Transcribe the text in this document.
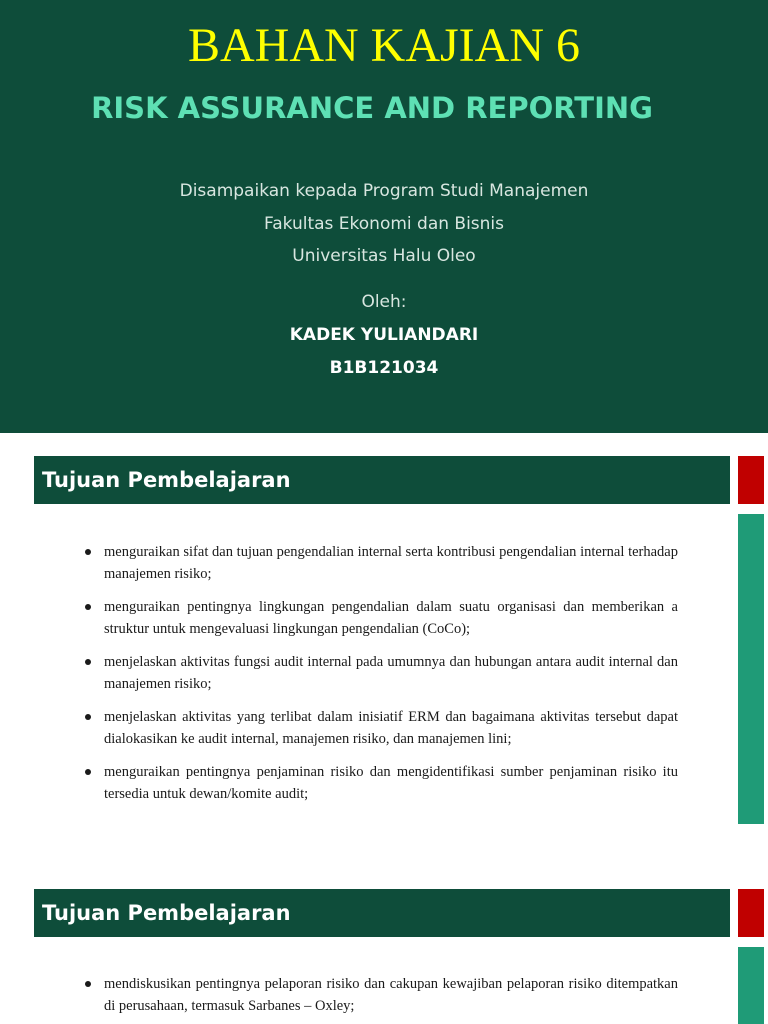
BAHAN KAJIAN 6
RISK ASSURANCE AND REPORTING
Disampaikan kepada Program Studi Manajemen
Fakultas Ekonomi dan Bisnis
Universitas Halu Oleo
Oleh:
KADEK YULIANDARI
B1B121034
Tujuan Pembelajaran
menguraikan sifat dan tujuan pengendalian internal serta kontribusi pengendalian internal terhadap manajemen risiko;
menguraikan pentingnya lingkungan pengendalian dalam suatu organisasi dan memberikan a struktur untuk mengevaluasi lingkungan pengendalian (CoCo);
menjelaskan aktivitas fungsi audit internal pada umumnya dan hubungan antara audit internal dan manajemen risiko;
menjelaskan aktivitas yang terlibat dalam inisiatif ERM dan bagaimana aktivitas tersebut dapat dialokasikan ke audit internal, manajemen risiko, dan manajemen lini;
menguraikan pentingnya penjaminan risiko dan mengidentifikasi sumber penjaminan risiko itu tersedia untuk dewan/komite audit;
Tujuan Pembelajaran
mendiskusikan pentingnya pelaporan risiko dan cakupan kewajiban pelaporan risiko ditempatkan di perusahaan, termasuk Sarbanes – Oxley;
